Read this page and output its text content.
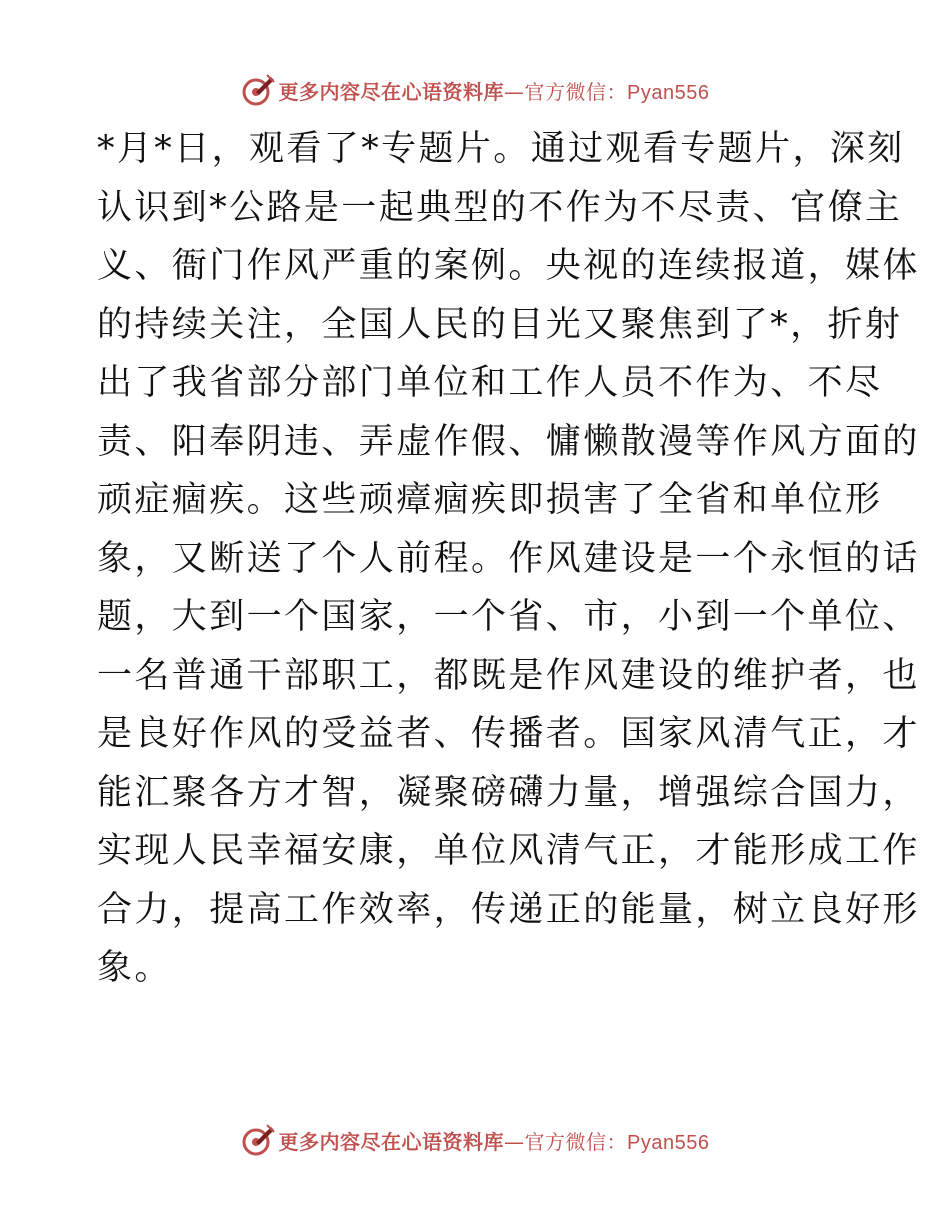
更多内容尽在心语资料库—官方微信：Pyan556
*月*日，观看了*专题片。通过观看专题片，深刻
认识到*公路是一起典型的不作为不尽责、官僚主
义、衙门作风严重的案例。央视的连续报道，媒体
的持续关注，全国人民的目光又聚焦到了*，折射
出了我省部分部门单位和工作人员不作为、不尽
责、阳奉阴违、弄虚作假、慵懒散漫等作风方面的
顽症痼疾。这些顽瘴痼疾即损害了全省和单位形
象，又断送了个人前程。作风建设是一个永恒的话
题，大到一个国家，一个省、市，小到一个单位、
一名普通干部职工，都既是作风建设的维护者，也
是良好作风的受益者、传播者。国家风清气正，才
能汇聚各方才智，凝聚磅礴力量，增强综合国力，
实现人民幸福安康，单位风清气正，才能形成工作
合力，提高工作效率，传递正的能量，树立良好形
象。
更多内容尽在心语资料库—官方微信：Pyan556
